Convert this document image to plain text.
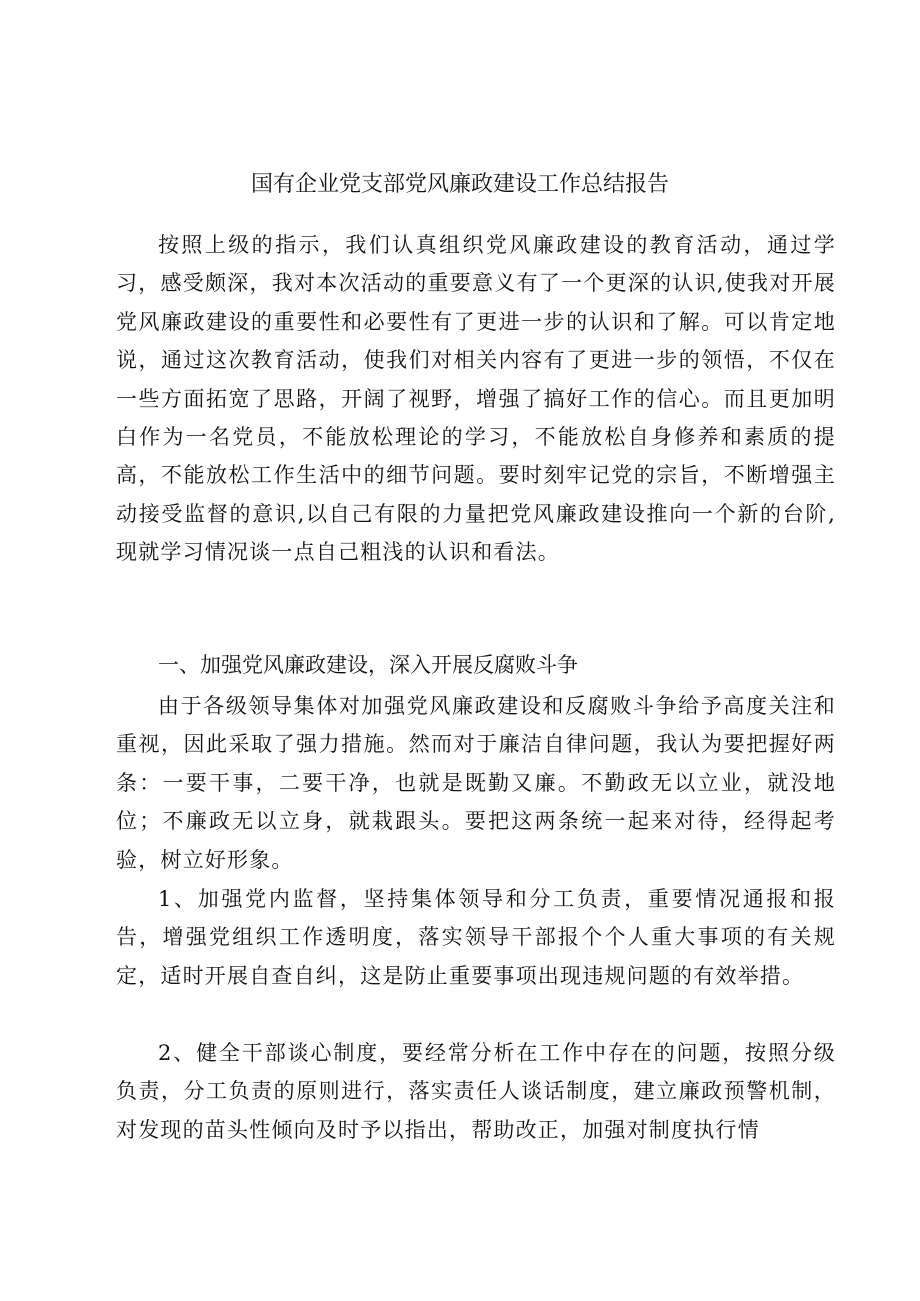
国有企业党支部党风廉政建设工作总结报告

按照上级的指示，我们认真组织党风廉政建设的教育活动，通过学习，感受颇深，我对本次活动的重要意义有了一个更深的认识,使我对开展党风廉政建设的重要性和必要性有了更进一步的认识和了解。可以肯定地说，通过这次教育活动，使我们对相关内容有了更进一步的领悟，不仅在一些方面拓宽了思路，开阔了视野，增强了搞好工作的信心。而且更加明白作为一名党员，不能放松理论的学习，不能放松自身修养和素质的提高，不能放松工作生活中的细节问题。要时刻牢记党的宗旨，不断增强主动接受监督的意识,以自己有限的力量把党风廉政建设推向一个新的台阶,现就学习情况谈一点自己粗浅的认识和看法。

一、加强党风廉政建设，深入开展反腐败斗争

由于各级领导集体对加强党风廉政建设和反腐败斗争给予高度关注和重视，因此采取了强力措施。然而对于廉洁自律问题，我认为要把握好两条：一要干事，二要干净，也就是既勤又廉。不勤政无以立业，就没地位；不廉政无以立身，就栽跟头。要把这两条统一起来对待，经得起考验，树立好形象。

1、加强党内监督，坚持集体领导和分工负责，重要情况通报和报告，增强党组织工作透明度，落实领导干部报个个人重大事项的有关规定，适时开展自查自纠，这是防止重要事项出现违规问题的有效举措。

2、健全干部谈心制度，要经常分析在工作中存在的问题，按照分级负责，分工负责的原则进行，落实责任人谈话制度，建立廉政预警机制，对发现的苗头性倾向及时予以指出，帮助改正，加强对制度执行情
